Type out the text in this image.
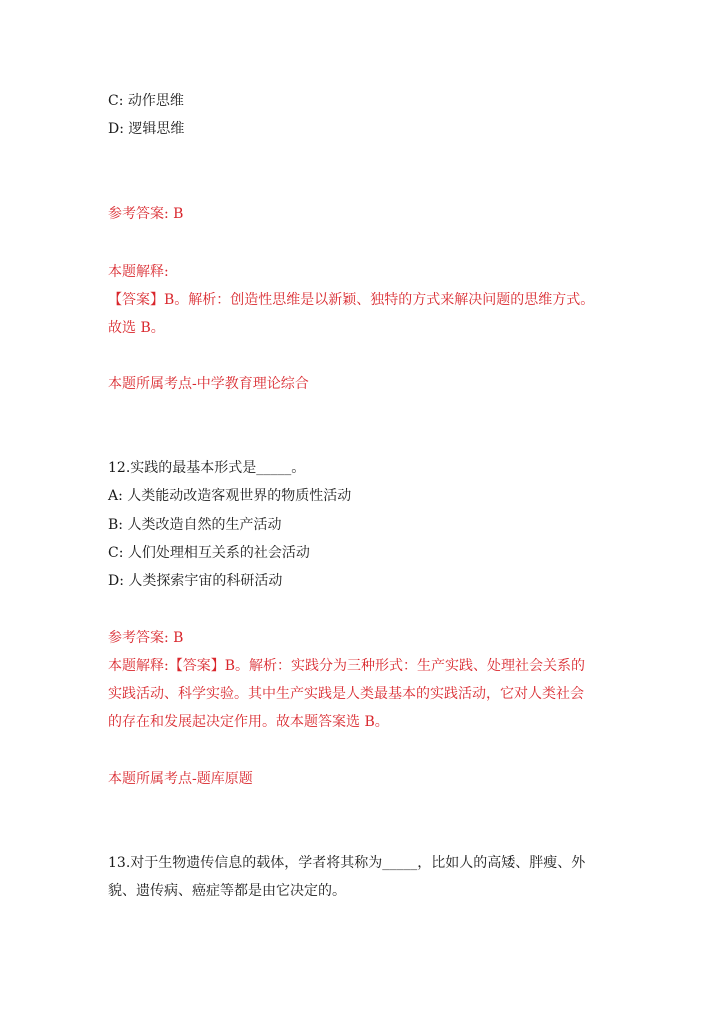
C: 动作思维
D: 逻辑思维
参考答案: B
本题解释:
【答案】B。解析：创造性思维是以新颖、独特的方式来解决问题的思维方式。
故选 B。
本题所属考点-中学教育理论综合
12.实践的最基本形式是_____。
A: 人类能动改造客观世界的物质性活动
B: 人类改造自然的生产活动
C: 人们处理相互关系的社会活动
D: 人类探索宇宙的科研活动
参考答案: B
本题解释:【答案】B。解析：实践分为三种形式：生产实践、处理社会关系的
实践活动、科学实验。其中生产实践是人类最基本的实践活动，它对人类社会
的存在和发展起决定作用。故本题答案选 B。
本题所属考点-题库原题
13.对于生物遗传信息的载体，学者将其称为_____，比如人的高矮、胖瘦、外
貌、遗传病、癌症等都是由它决定的。
